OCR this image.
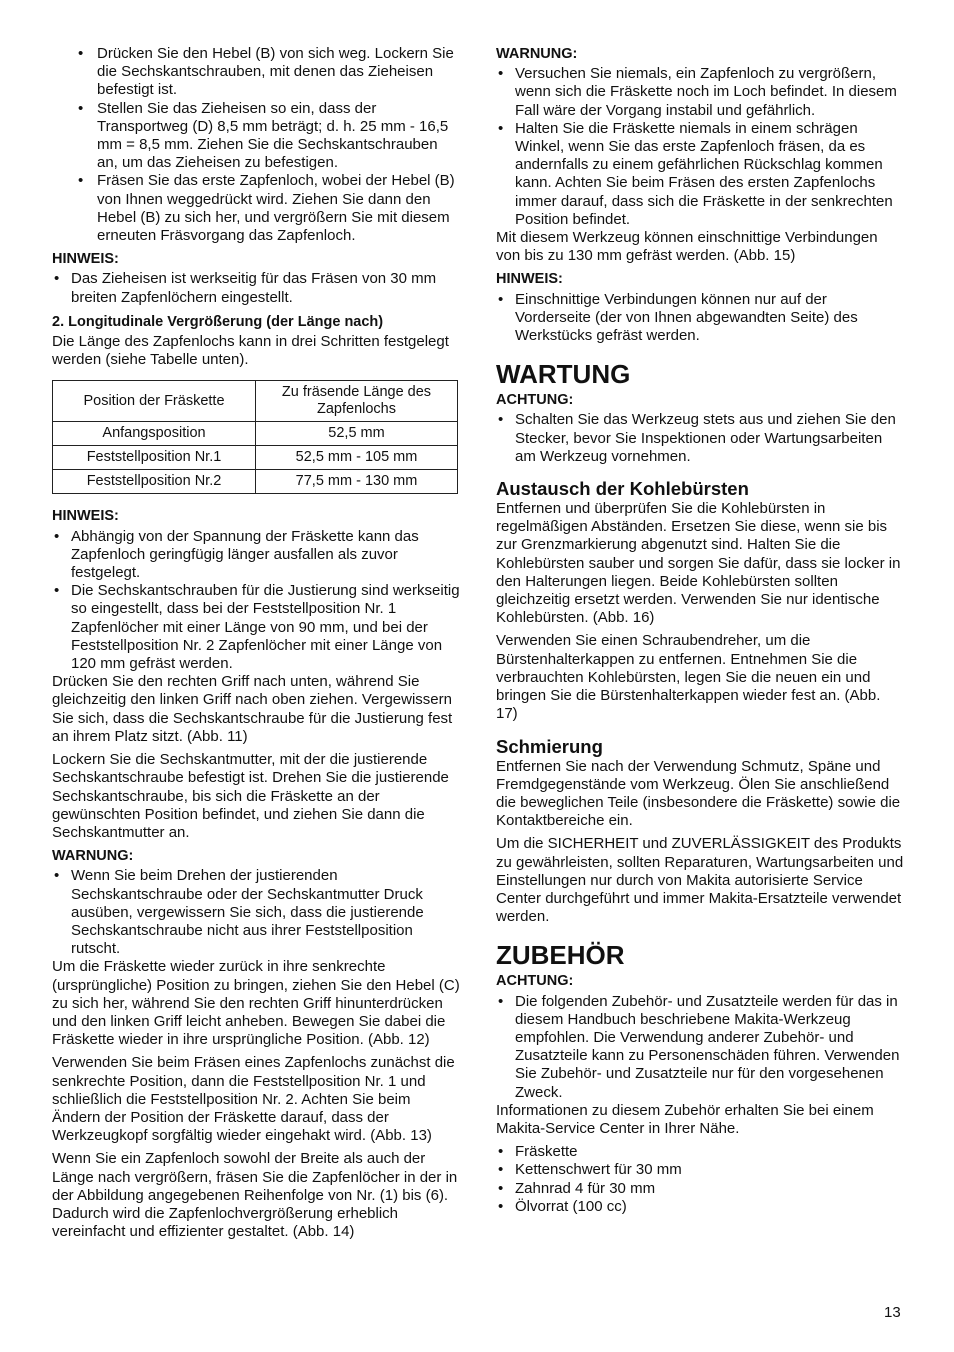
• Drücken Sie den Hebel (B) von sich weg. Lockern Sie die Sechskantschrauben, mit denen das Zieheisen befestigt ist.
• Stellen Sie das Zieheisen so ein, dass der Transportweg (D) 8,5 mm beträgt; d. h. 25 mm - 16,5 mm = 8,5 mm. Ziehen Sie die Sechskantschrauben an, um das Zieheisen zu befestigen.
• Fräsen Sie das erste Zapfenloch, wobei der Hebel (B) von Ihnen weggedrückt wird. Ziehen Sie dann den Hebel (B) zu sich her, und vergrößern Sie mit diesem erneuten Fräsvorgang das Zapfenloch.
HINWEIS:
• Das Zieheisen ist werkseitig für das Fräsen von 30 mm breiten Zapfenlöchern eingestellt.
2. Longitudinale Vergrößerung (der Länge nach)

Die Länge des Zapfenlochs kann in drei Schritten festgelegt werden (siehe Tabelle unten).

Position der Fräskette	Zu fräsende Länge des Zapfenlochs
Anfangsposition	52,5 mm
Feststellposition Nr.1	52,5 mm - 105 mm
Feststellposition Nr.2	77,5 mm - 130 mm
HINWEIS:
• Abhängig von der Spannung der Fräskette kann das Zapfenloch geringfügig länger ausfallen als zuvor festgelegt.
• Die Sechskantschrauben für die Justierung sind werkseitig so eingestellt, dass bei der Feststellposition Nr. 1 Zapfenlöcher mit einer Länge von 90 mm, und bei der Feststellposition Nr. 2 Zapfenlöcher mit einer Länge von 120 mm gefräst werden.

Drücken Sie den rechten Griff nach unten, während Sie gleichzeitig den linken Griff nach oben ziehen. Vergewissern Sie sich, dass die Sechskantschraube für die Justierung fest an ihrem Platz sitzt. (Abb. 11)

Lockern Sie die Sechskantmutter, mit der die justierende Sechskantschraube befestigt ist. Drehen Sie die justierende Sechskantschraube, bis sich die Fräskette an der gewünschten Position befindet, und ziehen Sie dann die Sechskantmutter an.

WARNUNG:
• Wenn Sie beim Drehen der justierenden Sechskantschraube oder der Sechskantmutter Druck ausüben, vergewissern Sie sich, dass die justierende Sechskantschraube nicht aus ihrer Feststellposition rutscht.

Um die Fräskette wieder zurück in ihre senkrechte (ursprüngliche) Position zu bringen, ziehen Sie den Hebel (C) zu sich her, während Sie den rechten Griff hinunterdrücken und den linken Griff leicht anheben. Bewegen Sie dabei die Fräskette wieder in ihre ursprüngliche Position. (Abb. 12)

Verwenden Sie beim Fräsen eines Zapfenlochs zunächst die senkrechte Position, dann die Feststellposition Nr. 1 und schließlich die Feststellposition Nr. 2. Achten Sie beim Ändern der Position der Fräskette darauf, dass der Werkzeugkopf sorgfältig wieder eingehakt wird. (Abb. 13)

Wenn Sie ein Zapfenloch sowohl der Breite als auch der Länge nach vergrößern, fräsen Sie die Zapfenlöcher in der in der Abbildung angegebenen Reihenfolge von Nr. (1) bis (6). Dadurch wird die Zapfenlochvergrößerung erheblich vereinfacht und effizienter gestaltet. (Abb. 14)

WARNUNG:
• Versuchen Sie niemals, ein Zapfenloch zu vergrößern, wenn sich die Fräskette noch im Loch befindet. In diesem Fall wäre der Vorgang instabil und gefährlich.
• Halten Sie die Fräskette niemals in einem schrägen Winkel, wenn Sie das erste Zapfenloch fräsen, da es andernfalls zu einem gefährlichen Rückschlag kommen kann. Achten Sie beim Fräsen des ersten Zapfenlochs immer darauf, dass sich die Fräskette in der senkrechten Position befindet.

Mit diesem Werkzeug können einschnittige Verbindungen von bis zu 130 mm gefräst werden. (Abb. 15)

HINWEIS:
• Einschnittige Verbindungen können nur auf der Vorderseite (der von Ihnen abgewandten Seite) des Werkstücks gefräst werden.
WARTUNG
ACHTUNG:
• Schalten Sie das Werkzeug stets aus und ziehen Sie den Stecker, bevor Sie Inspektionen oder Wartungsarbeiten am Werkzeug vornehmen.
Austausch der Kohlebürsten

Entfernen und überprüfen Sie die Kohlebürsten in regelmäßigen Abständen. Ersetzen Sie diese, wenn sie bis zur Grenzmarkierung abgenutzt sind. Halten Sie die Kohlebürsten sauber und sorgen Sie dafür, dass sie locker in den Halterungen liegen. Beide Kohlebürsten sollten gleichzeitig ersetzt werden. Verwenden Sie nur identische Kohlebürsten. (Abb. 16)

Verwenden Sie einen Schraubendreher, um die Bürstenhalterkappen zu entfernen. Entnehmen Sie die verbrauchten Kohlebürsten, legen Sie die neuen ein und bringen Sie die Bürstenhalterkappen wieder fest an. (Abb. 17)

Schmierung

Entfernen Sie nach der Verwendung Schmutz, Späne und Fremdgegenstände vom Werkzeug. Ölen Sie anschließend die beweglichen Teile (insbesondere die Fräskette) sowie die Kontaktbereiche ein.

Um die SICHERHEIT und ZUVERLÄSSIGKEIT des Produkts zu gewährleisten, sollten Reparaturen, Wartungsarbeiten und Einstellungen nur durch von Makita autorisierte Service Center durchgeführt und immer Makita-Ersatzteile verwendet werden.

ZUBEHÖR
ACHTUNG:
• Die folgenden Zubehör- und Zusatzteile werden für das in diesem Handbuch beschriebene Makita-Werkzeug empfohlen. Die Verwendung anderer Zubehör- und Zusatzteile kann zu Personenschäden führen. Verwenden Sie Zubehör- und Zusatzteile nur für den vorgesehenen Zweck.

Informationen zu diesem Zubehör erhalten Sie bei einem Makita-Service Center in Ihrer Nähe.

• Fräskette
• Kettenschwert für 30 mm
• Zahnrad 4 für 30 mm
• Ölvorrat (100 cc)
13
